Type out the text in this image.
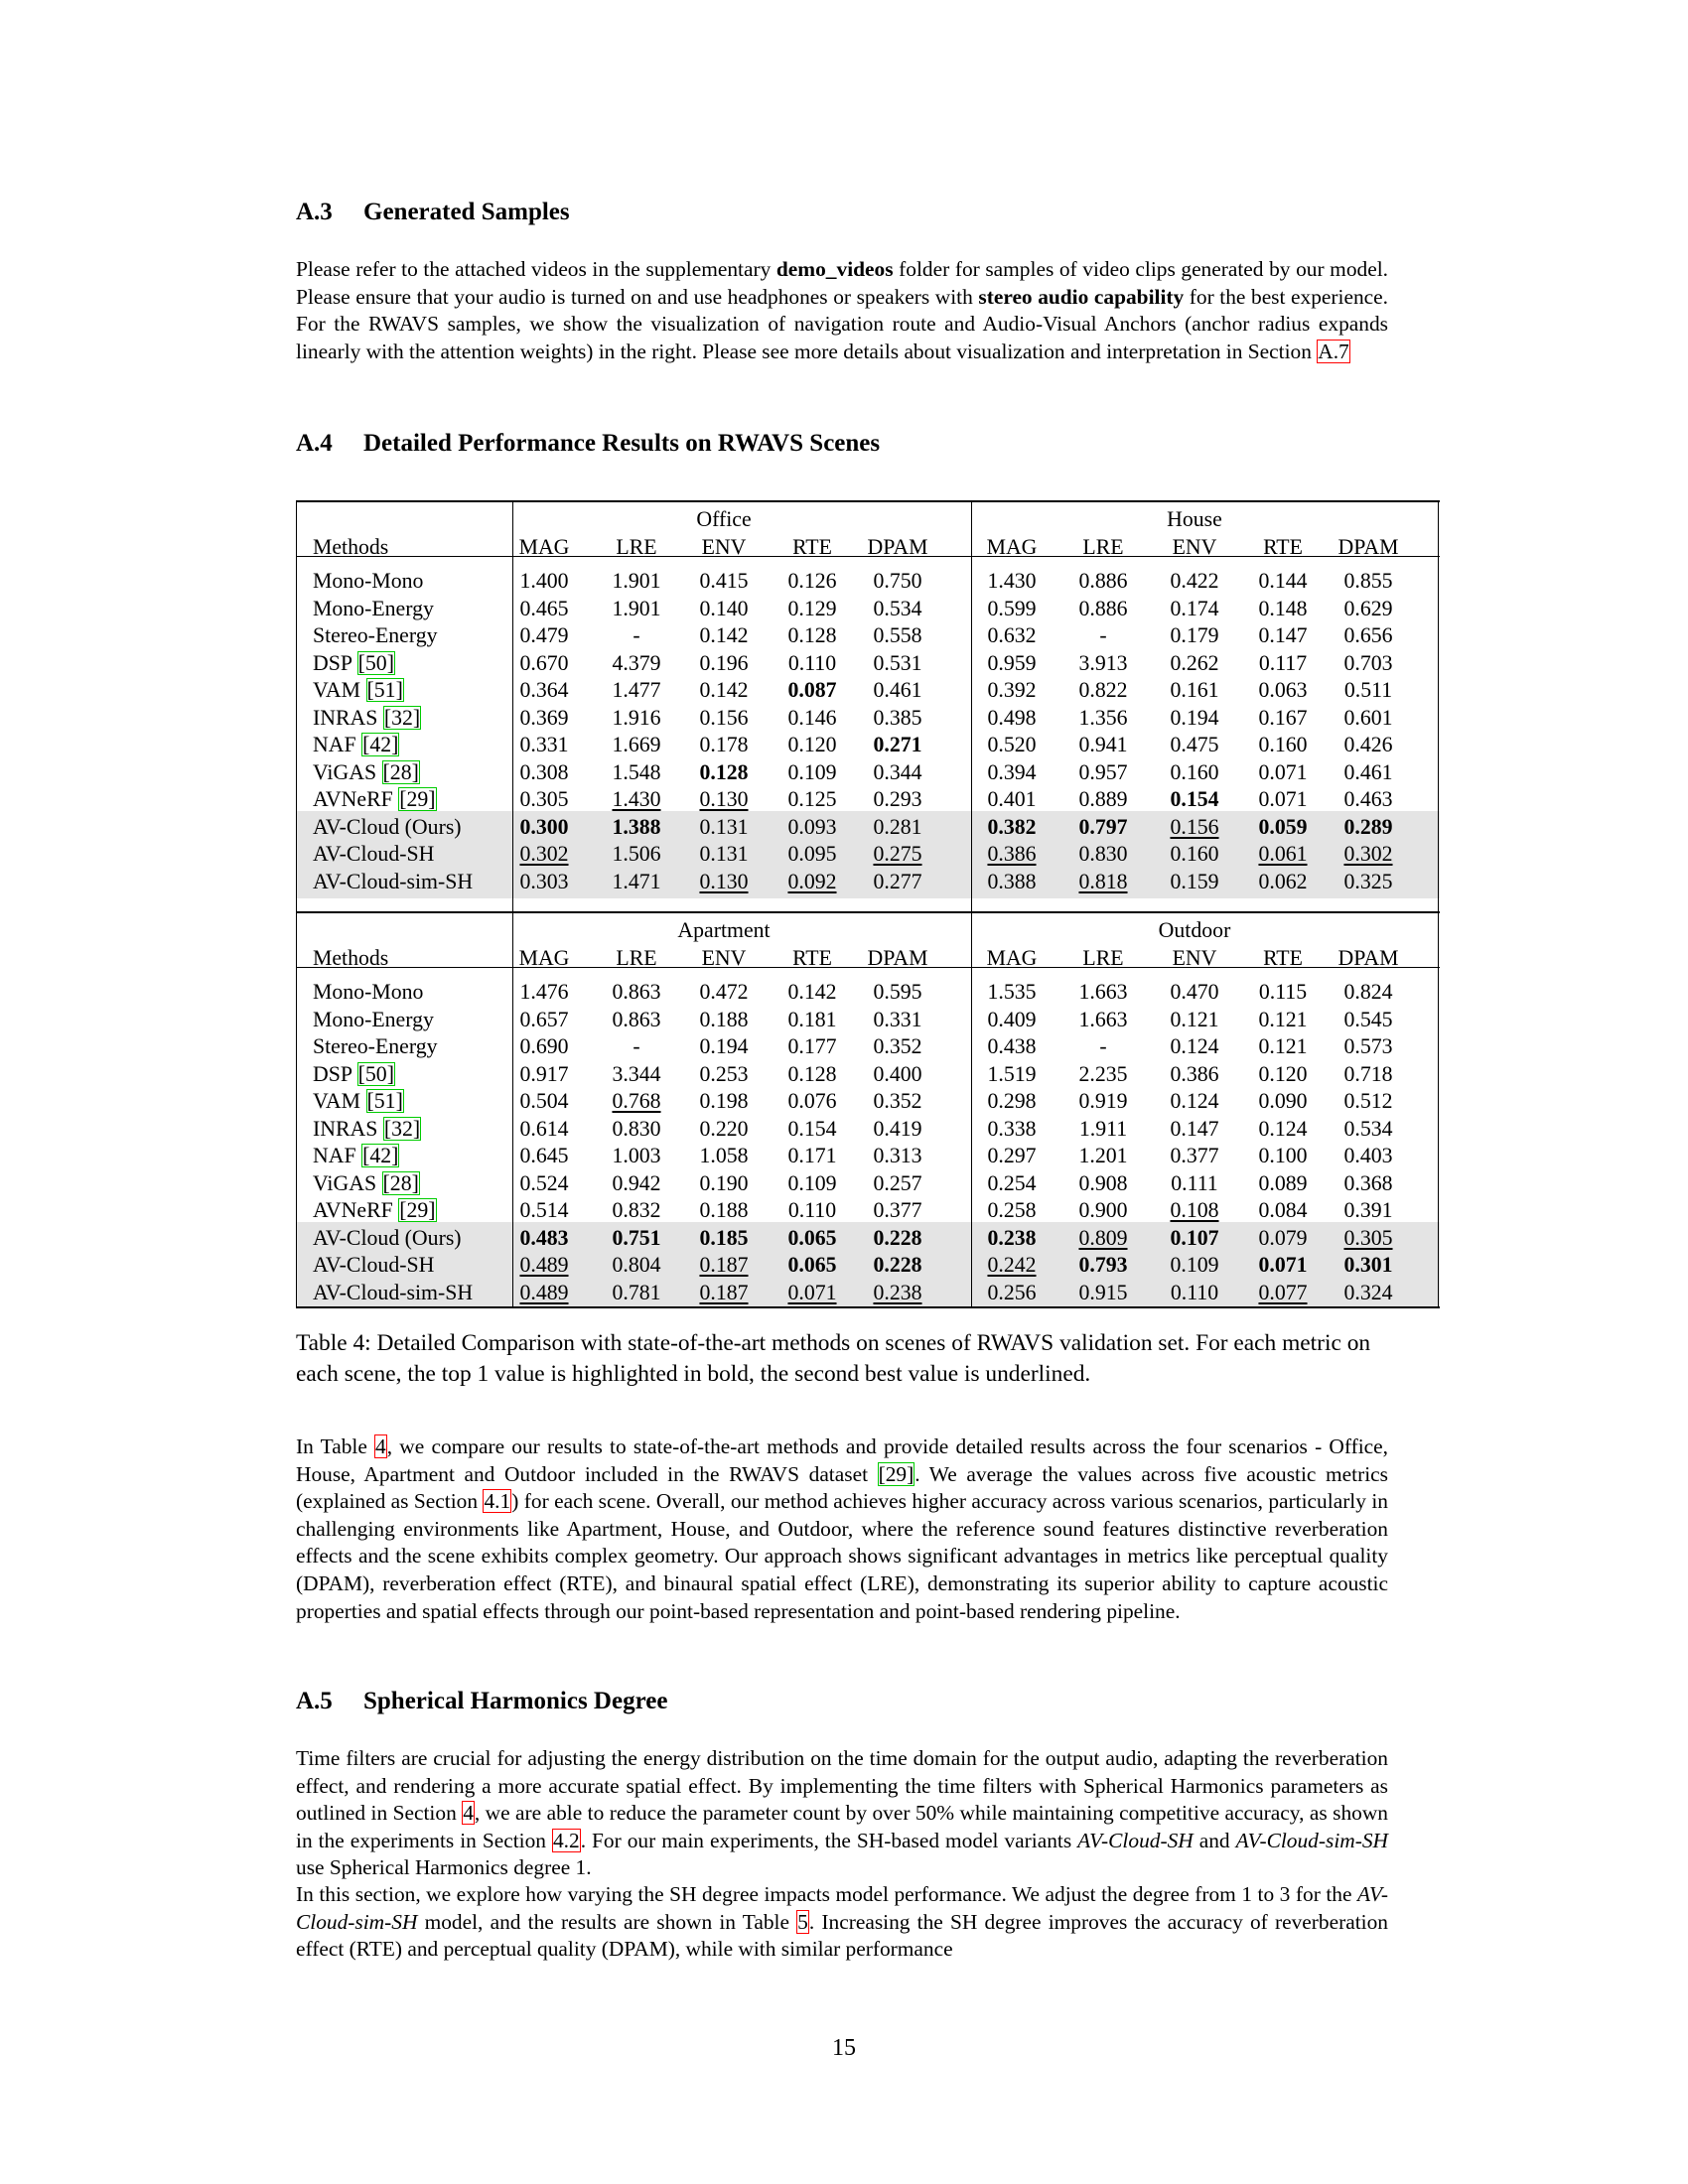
A.3 Generated Samples

Please refer to the attached videos in the supplementary demo_videos folder for samples of video clips generated by our model. Please ensure that your audio is turned on and use headphones or speakers with stereo audio capability for the best experience. For the RWAVS samples, we show the visualization of navigation route and Audio-Visual Anchors (anchor radius expands linearly with the attention weights) in the right. Please see more details about visualization and interpretation in Section A.7

A.4 Detailed Performance Results on RWAVS Scenes
Office	House
Methods	MAG	LRE	ENV	RTE	DPAM	MAG	LRE	ENV	RTE	DPAM
Mono-Mono	1.400	1.901	0.415	0.126	0.750	1.430	0.886	0.422	0.144	0.855
Mono-Energy	0.465	1.901	0.140	0.129	0.534	0.599	0.886	0.174	0.148	0.629
Stereo-Energy	0.479	-	0.142	0.128	0.558	0.632	-	0.179	0.147	0.656
DSP [50]	0.670	4.379	0.196	0.110	0.531	0.959	3.913	0.262	0.117	0.703
VAM [51]	0.364	1.477	0.142	0.087	0.461	0.392	0.822	0.161	0.063	0.511
INRAS [32]	0.369	1.916	0.156	0.146	0.385	0.498	1.356	0.194	0.167	0.601
NAF [42]	0.331	1.669	0.178	0.120	0.271	0.520	0.941	0.475	0.160	0.426
ViGAS [28]	0.308	1.548	0.128	0.109	0.344	0.394	0.957	0.160	0.071	0.461
AVNeRF [29]	0.305	1.430	0.130	0.125	0.293	0.401	0.889	0.154	0.071	0.463
AV-Cloud (Ours)	0.300	1.388	0.131	0.093	0.281	0.382	0.797	0.156	0.059	0.289
AV-Cloud-SH	0.302	1.506	0.131	0.095	0.275	0.386	0.830	0.160	0.061	0.302
AV-Cloud-sim-SH	0.303	1.471	0.130	0.092	0.277	0.388	0.818	0.159	0.062	0.325
Apartment	Outdoor
Methods	MAG	LRE	ENV	RTE	DPAM	MAG	LRE	ENV	RTE	DPAM
Mono-Mono	1.476	0.863	0.472	0.142	0.595	1.535	1.663	0.470	0.115	0.824
Mono-Energy	0.657	0.863	0.188	0.181	0.331	0.409	1.663	0.121	0.121	0.545
Stereo-Energy	0.690	-	0.194	0.177	0.352	0.438	-	0.124	0.121	0.573
DSP [50]	0.917	3.344	0.253	0.128	0.400	1.519	2.235	0.386	0.120	0.718
VAM [51]	0.504	0.768	0.198	0.076	0.352	0.298	0.919	0.124	0.090	0.512
INRAS [32]	0.614	0.830	0.220	0.154	0.419	0.338	1.911	0.147	0.124	0.534
NAF [42]	0.645	1.003	1.058	0.171	0.313	0.297	1.201	0.377	0.100	0.403
ViGAS [28]	0.524	0.942	0.190	0.109	0.257	0.254	0.908	0.111	0.089	0.368
AVNeRF [29]	0.514	0.832	0.188	0.110	0.377	0.258	0.900	0.108	0.084	0.391
AV-Cloud (Ours)	0.483	0.751	0.185	0.065	0.228	0.238	0.809	0.107	0.079	0.305
AV-Cloud-SH	0.489	0.804	0.187	0.065	0.228	0.242	0.793	0.109	0.071	0.301
AV-Cloud-sim-SH	0.489	0.781	0.187	0.071	0.238	0.256	0.915	0.110	0.077	0.324

Table 4: Detailed Comparison with state-of-the-art methods on scenes of RWAVS validation set. For each metric on each scene, the top 1 value is highlighted in bold, the second best value is underlined.

In Table 4, we compare our results to state-of-the-art methods and provide detailed results across the four scenarios - Office, House, Apartment and Outdoor included in the RWAVS dataset [29]. We average the values across five acoustic metrics (explained as Section 4.1) for each scene. Overall, our method achieves higher accuracy across various scenarios, particularly in challenging environments like Apartment, House, and Outdoor, where the reference sound features distinctive reverberation effects and the scene exhibits complex geometry. Our approach shows significant advantages in metrics like perceptual quality (DPAM), reverberation effect (RTE), and binaural spatial effect (LRE), demonstrating its superior ability to capture acoustic properties and spatial effects through our point-based representation and point-based rendering pipeline.

A.5 Spherical Harmonics Degree

Time filters are crucial for adjusting the energy distribution on the time domain for the output audio, adapting the reverberation effect, and rendering a more accurate spatial effect. By implementing the time filters with Spherical Harmonics parameters as outlined in Section 4, we are able to reduce the parameter count by over 50% while maintaining competitive accuracy, as shown in the experiments in Section 4.2. For our main experiments, the SH-based model variants AV-Cloud-SH and AV-Cloud-sim-SH use Spherical Harmonics degree 1.

In this section, we explore how varying the SH degree impacts model performance. We adjust the degree from 1 to 3 for the AV-Cloud-sim-SH model, and the results are shown in Table 5. Increasing the SH degree improves the accuracy of reverberation effect (RTE) and perceptual quality (DPAM), while with similar performance

15
